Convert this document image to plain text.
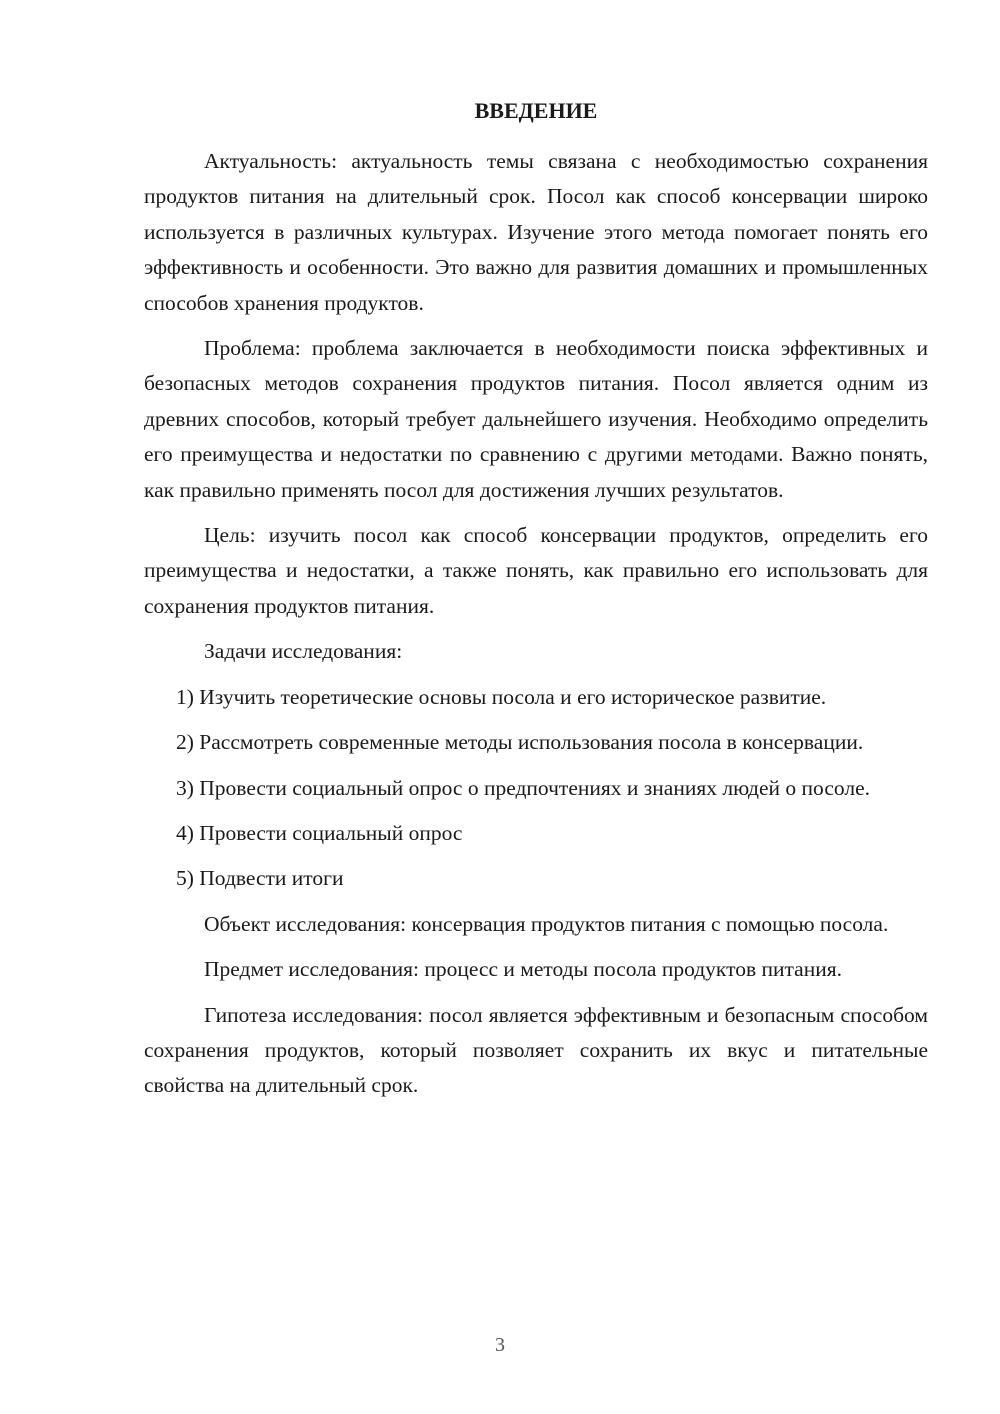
ВВЕДЕНИЕ

Актуальность: актуальность темы связана с необходимостью сохранения продуктов питания на длительный срок. Посол как способ консервации широко используется в различных культурах. Изучение этого метода помогает понять его эффективность и особенности. Это важно для развития домашних и промышленных способов хранения продуктов.

Проблема: проблема заключается в необходимости поиска эффективных и безопасных методов сохранения продуктов питания. Посол является одним из древних способов, который требует дальнейшего изучения. Необходимо определить его преимущества и недостатки по сравнению с другими методами. Важно понять, как правильно применять посол для достижения лучших результатов.

Цель: изучить посол как способ консервации продуктов, определить его преимущества и недостатки, а также понять, как правильно его использовать для сохранения продуктов питания.

Задачи исследования:

1) Изучить теоретические основы посола и его историческое развитие.

2) Рассмотреть современные методы использования посола в консервации.

3) Провести социальный опрос о предпочтениях и знаниях людей о посоле.

4) Провести социальный опрос

5) Подвести итоги

Объект исследования: консервация продуктов питания с помощью посола.

Предмет исследования: процесс и методы посола продуктов питания.

Гипотеза исследования: посол является эффективным и безопасным способом сохранения продуктов, который позволяет сохранить их вкус и питательные свойства на длительный срок.

3
